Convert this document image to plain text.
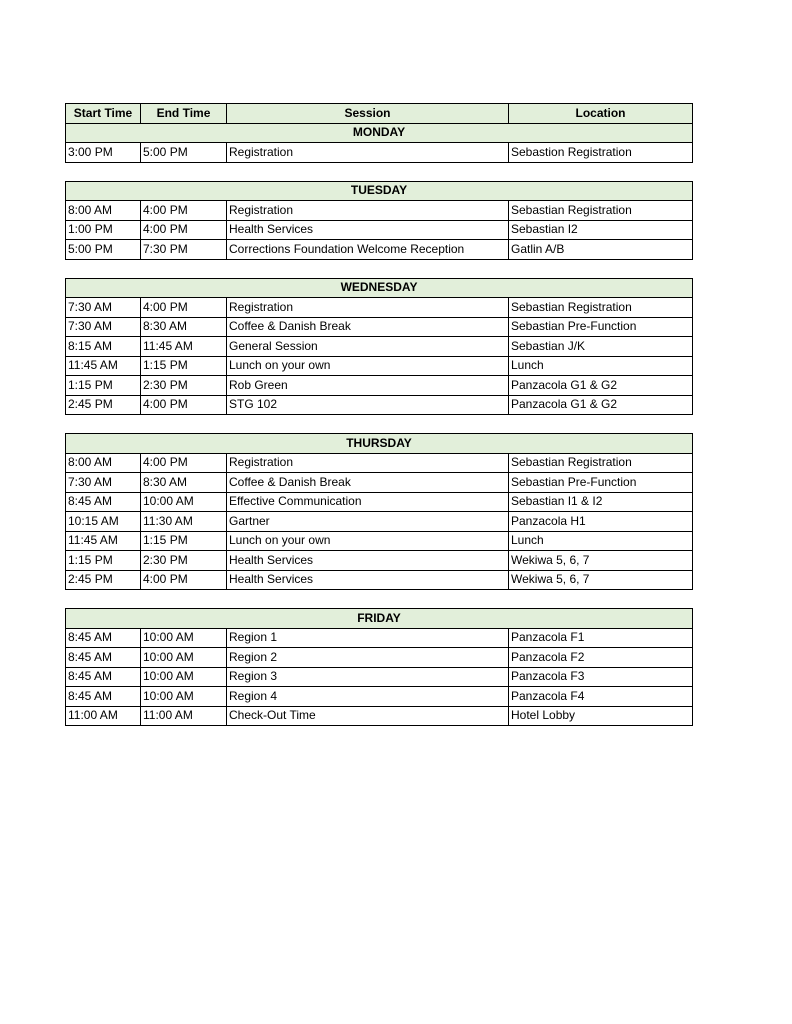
Start Time	End Time	Session	Location
MONDAY			
3:00 PM	5:00 PM	Registration	Sebastion Registration
TUESDAY			
8:00 AM	4:00 PM	Registration	Sebastian Registration
1:00 PM	4:00 PM	Health Services	Sebastian I2
5:00 PM	7:30 PM	Corrections Foundation Welcome Reception	Gatlin A/B
WEDNESDAY			
7:30 AM	4:00 PM	Registration	Sebastian Registration
7:30 AM	8:30 AM	Coffee & Danish Break	Sebastian Pre-Function
8:15 AM	11:45 AM	General Session	Sebastian J/K
11:45 AM	1:15 PM	Lunch on your own	Lunch
1:15 PM	2:30 PM	Rob Green	Panzacola G1 & G2
2:45 PM	4:00 PM	STG 102	Panzacola G1 & G2
THURSDAY			
8:00 AM	4:00 PM	Registration	Sebastian Registration
7:30 AM	8:30 AM	Coffee & Danish Break	Sebastian Pre-Function
8:45 AM	10:00 AM	Effective Communication	Sebastian I1 & I2
10:15 AM	11:30 AM	Gartner	Panzacola H1
11:45 AM	1:15 PM	Lunch on your own	Lunch
1:15 PM	2:30 PM	Health Services	Wekiwa 5, 6, 7
2:45 PM	4:00 PM	Health Services	Wekiwa 5, 6, 7
FRIDAY			
8:45 AM	10:00 AM	Region 1	Panzacola F1
8:45 AM	10:00 AM	Region 2	Panzacola F2
8:45 AM	10:00 AM	Region 3	Panzacola F3
8:45 AM	10:00 AM	Region 4	Panzacola F4
11:00 AM	11:00 AM	Check-Out Time	Hotel Lobby
